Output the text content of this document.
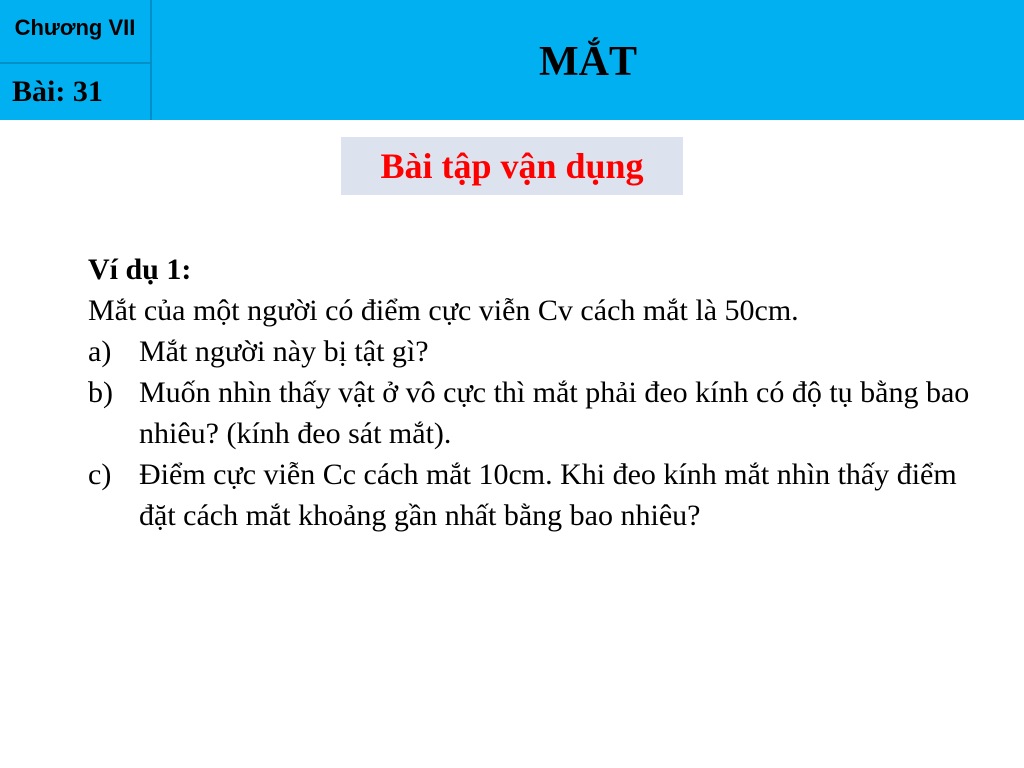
Chương VII
Bài: 31
MẮT
Bài tập vận dụng
Ví dụ 1:
Mắt của một người có điểm cực viễn Cv cách mắt là 50cm.
a) Mắt người này bị tật gì?
b) Muốn nhìn thấy vật ở vô cực thì mắt phải đeo kính có độ tụ bằng bao nhiêu? (kính đeo sát mắt).
c) Điểm cực viễn Cc cách mắt 10cm. Khi đeo kính mắt nhìn thấy điểm đặt cách mắt khoảng gần nhất bằng bao nhiêu?
